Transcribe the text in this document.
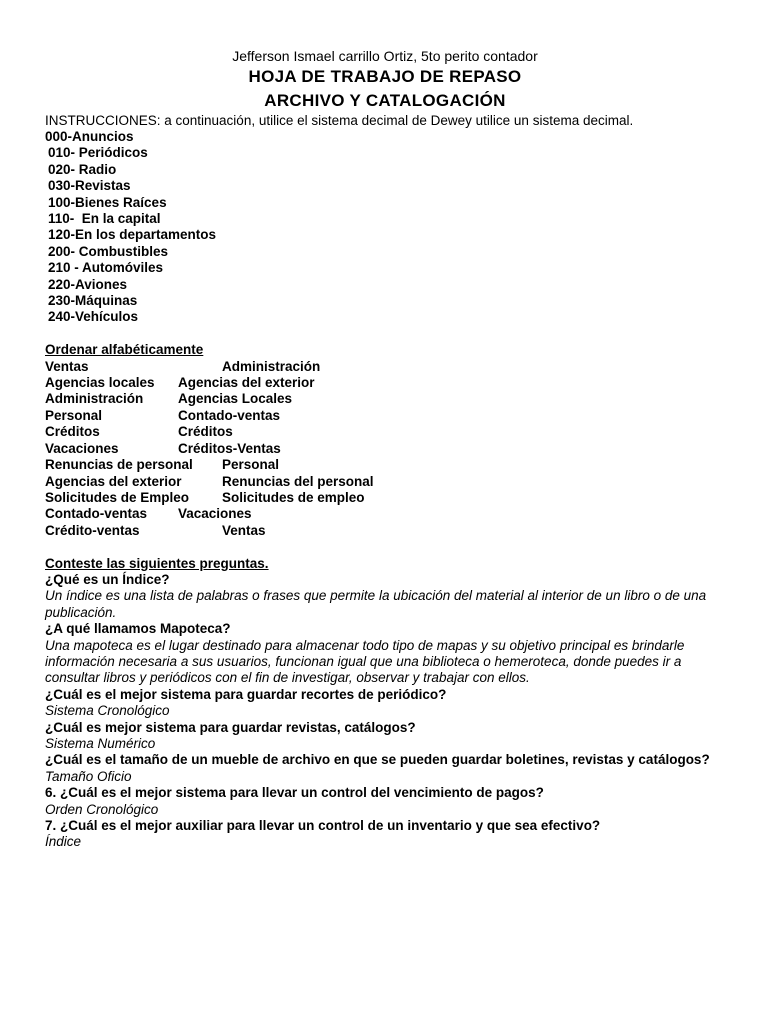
Jefferson Ismael carrillo Ortiz, 5to perito contador
HOJA DE TRABAJO DE REPASO
ARCHIVO Y CATALOGACIÓN
INSTRUCCIONES: a continuación, utilice el sistema decimal de Dewey utilice un sistema decimal.
000-Anuncios
010- Periódicos
020- Radio
030-Revistas
100-Bienes Raíces
110-  En la capital
120-En los departamentos
200- Combustibles
210 - Automóviles
220-Aviones
230-Máquinas
240-Vehículos
Ordenar alfabéticamente
Ventas	Administración
Agencias locales	Agencias del exterior
Administración	Agencias Locales
Personal	Contado-ventas
Créditos	Créditos
Vacaciones	Créditos-Ventas
Renuncias de personal	Personal
Agencias del exterior	Renuncias del personal
Solicitudes de Empleo	Solicitudes de empleo
Contado-ventas	Vacaciones
Crédito-ventas	Ventas
Conteste las siguientes preguntas.
¿Qué es un Índice?
Un índice es una lista de palabras o frases que permite la ubicación del material al interior de un libro o de una publicación.
¿A qué llamamos Mapoteca?
Una mapoteca es el lugar destinado para almacenar todo tipo de mapas y su objetivo principal es brindarle información necesaria a sus usuarios, funcionan igual que una biblioteca o hemeroteca, donde puedes ir a consultar libros y periódicos con el fin de investigar, observar y trabajar con ellos.
¿Cuál es el mejor sistema para guardar recortes de periódico?
Sistema Cronológico
¿Cuál es mejor sistema para guardar revistas, catálogos?
Sistema Numérico
¿Cuál es el tamaño de un mueble de archivo en que se pueden guardar boletines, revistas y catálogos?
Tamaño Oficio
6. ¿Cuál es el mejor sistema para llevar un control del vencimiento de pagos?
Orden Cronológico
7. ¿Cuál es el mejor auxiliar para llevar un control de un inventario y que sea efectivo?
Índice
